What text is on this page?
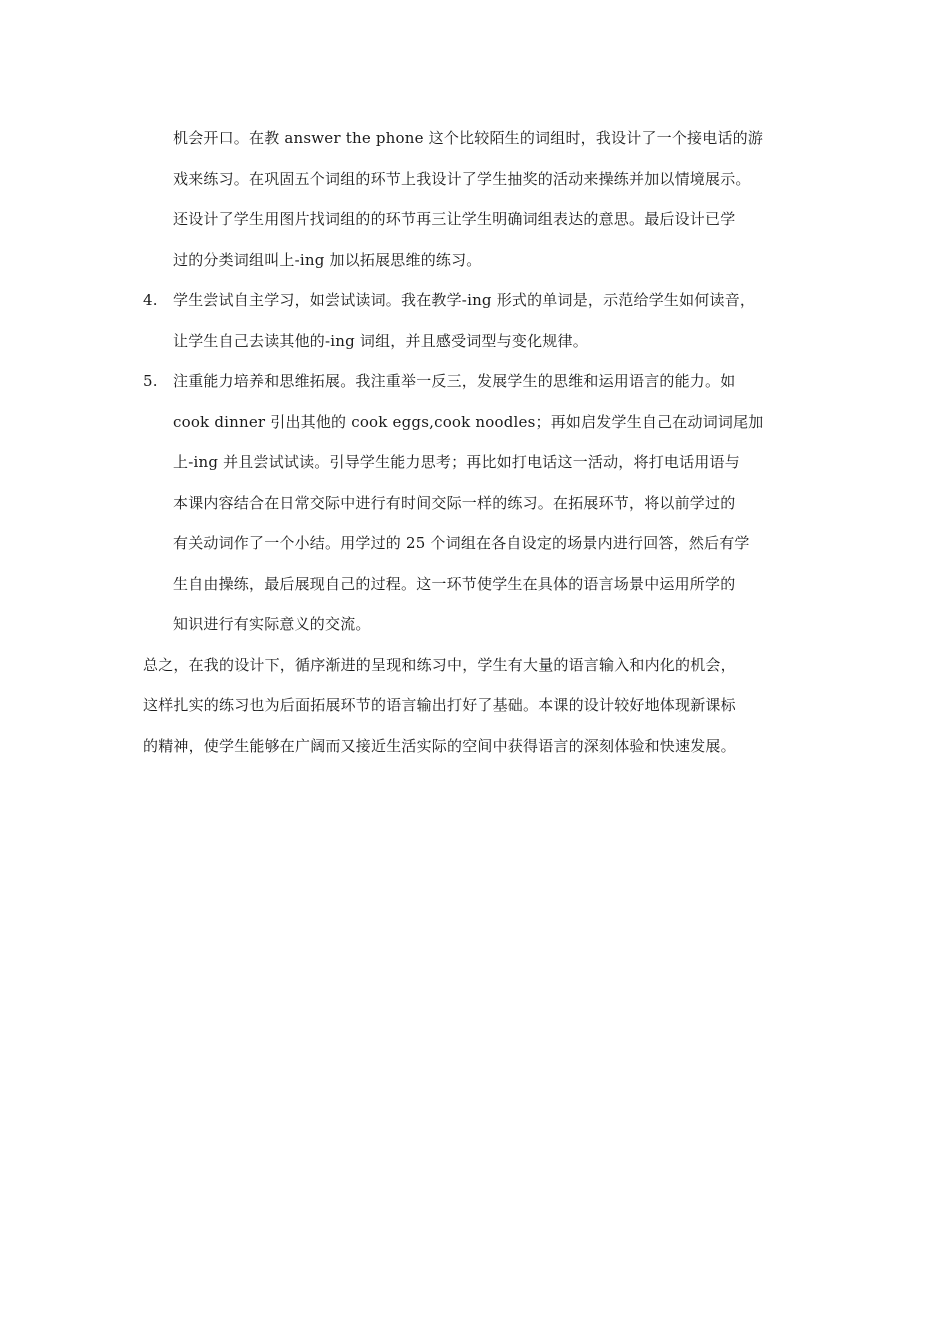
机会开口。在教 answer the phone 这个比较陌生的词组时，我设计了一个接电话的游
戏来练习。在巩固五个词组的环节上我设计了学生抽奖的活动来操练并加以情境展示。
还设计了学生用图片找词组的的环节再三让学生明确词组表达的意思。最后设计已学
过的分类词组叫上-ing 加以拓展思维的练习。
4. 学生尝试自主学习，如尝试读词。我在教学-ing 形式的单词是，示范给学生如何读音，
让学生自己去读其他的-ing 词组，并且感受词型与变化规律。
5. 注重能力培养和思维拓展。我注重举一反三，发展学生的思维和运用语言的能力。如
cook dinner 引出其他的 cook eggs,cook noodles；再如启发学生自己在动词词尾加
上-ing 并且尝试试读。引导学生能力思考；再比如打电话这一活动，将打电话用语与
本课内容结合在日常交际中进行有时间交际一样的练习。在拓展环节，将以前学过的
有关动词作了一个小结。用学过的 25 个词组在各自设定的场景内进行回答，然后有学
生自由操练，最后展现自己的过程。这一环节使学生在具体的语言场景中运用所学的
知识进行有实际意义的交流。
总之，在我的设计下，循序渐进的呈现和练习中，学生有大量的语言输入和内化的机会，
这样扎实的练习也为后面拓展环节的语言输出打好了基础。本课的设计较好地体现新课标
的精神，使学生能够在广阔而又接近生活实际的空间中获得语言的深刻体验和快速发展。
